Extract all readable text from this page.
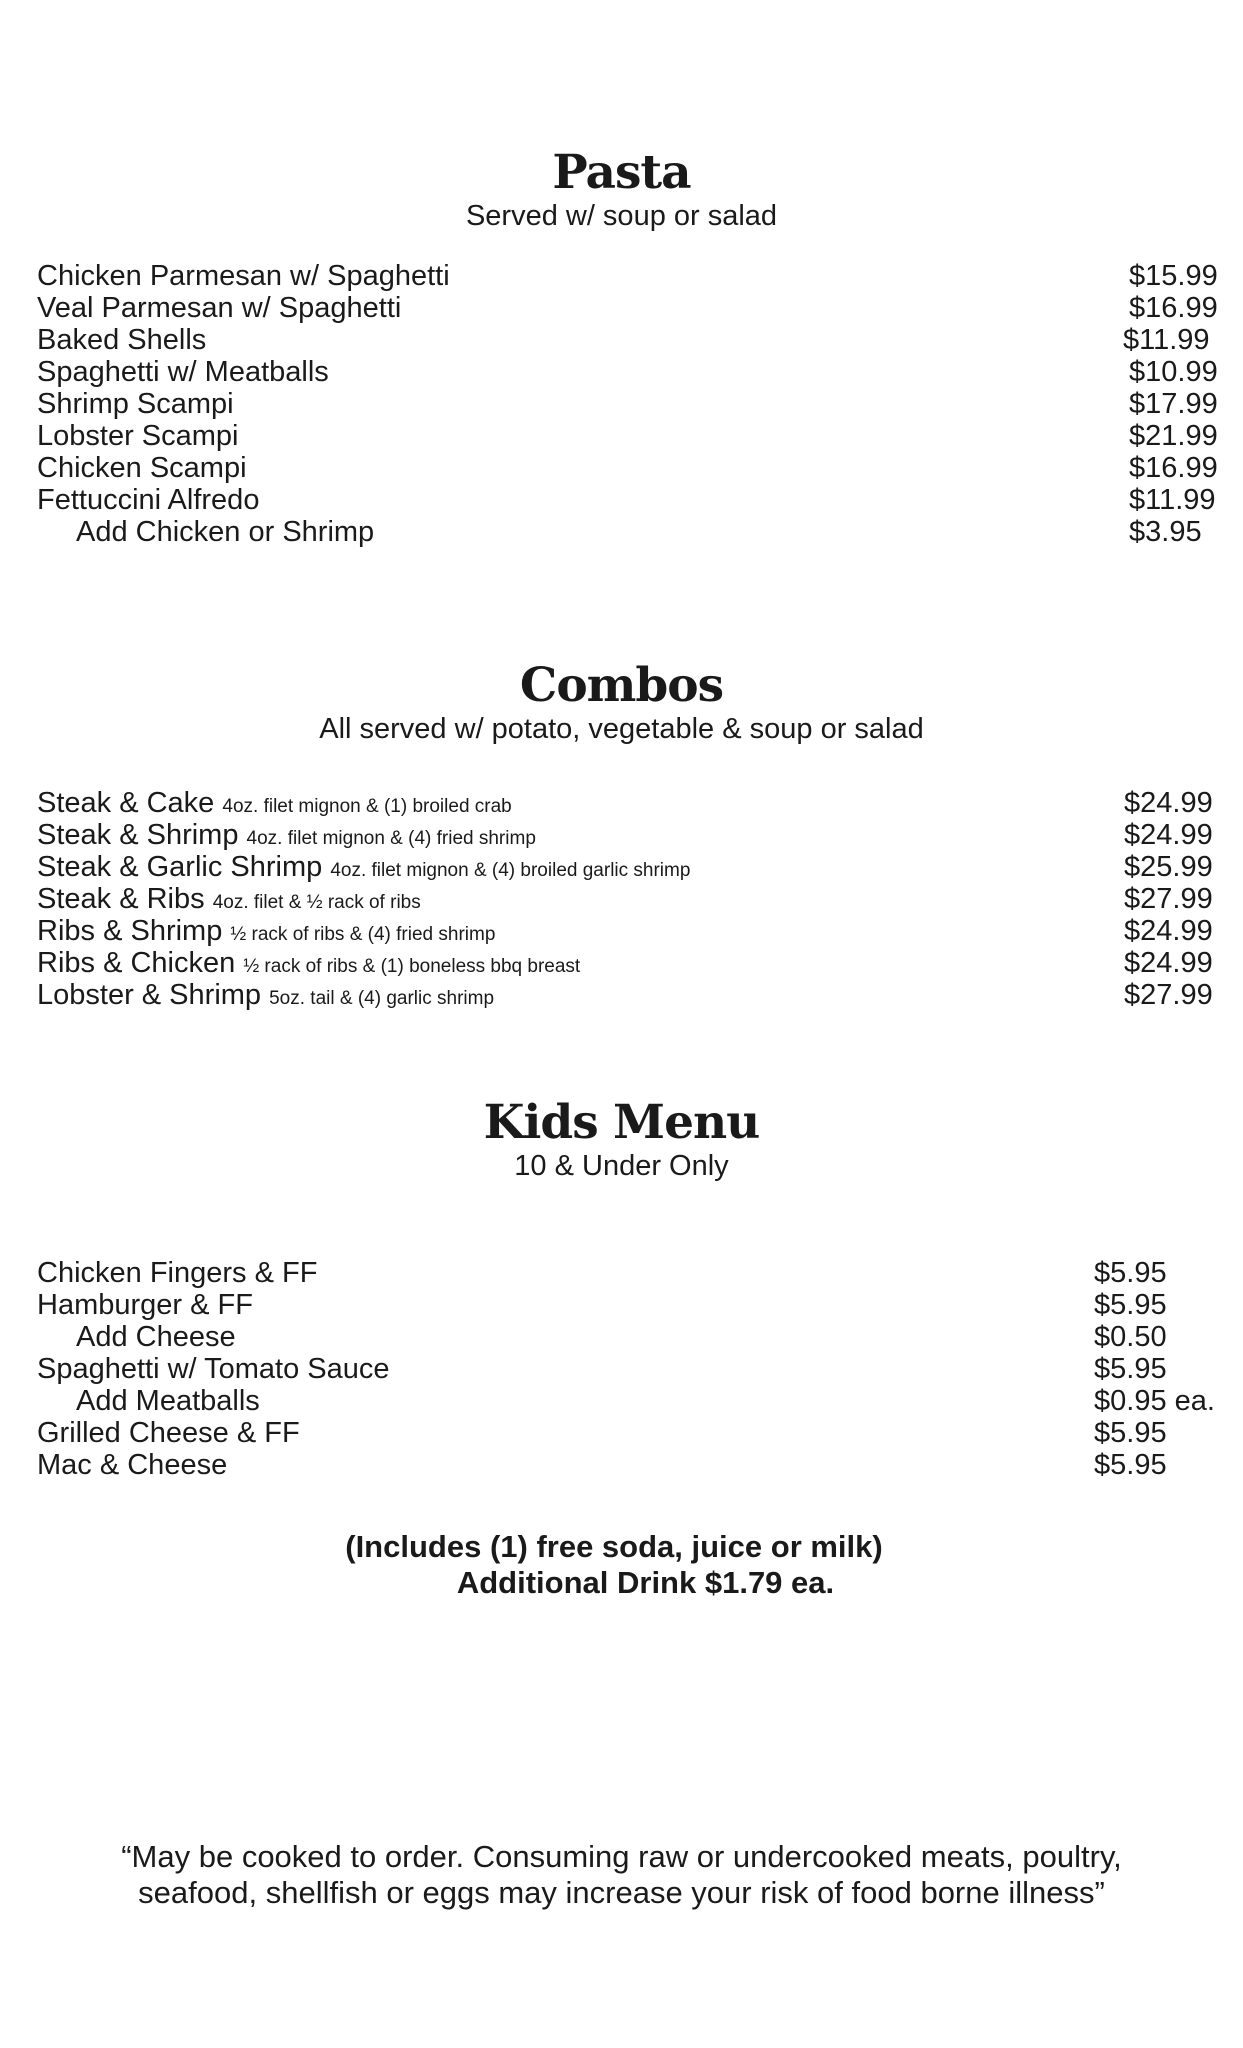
Pasta

Served w/ soup or salad

Chicken Parmesan w/ Spaghetti	$15.99
Veal Parmesan w/ Spaghetti	$16.99
Baked Shells	$11.99
Spaghetti w/ Meatballs	$10.99
Shrimp Scampi	$17.99
Lobster Scampi	$21.99
Chicken Scampi	$16.99
Fettuccini Alfredo	$11.99
Add Chicken or Shrimp	$3.95
Combos

All served w/ potato, vegetable & soup or salad

Steak & Cake 4oz. filet mignon & (1) broiled crab	$24.99
Steak & Shrimp 4oz. filet mignon & (4) fried shrimp	$24.99
Steak & Garlic Shrimp 4oz. filet mignon & (4) broiled garlic shrimp	$25.99
Steak & Ribs 4oz. filet & ½ rack of ribs	$27.99
Ribs & Shrimp ½ rack of ribs & (4) fried shrimp	$24.99
Ribs & Chicken ½ rack of ribs & (1) boneless bbq breast	$24.99
Lobster & Shrimp 5oz. tail & (4) garlic shrimp	$27.99
Kids Menu

10 & Under Only

Chicken Fingers & FF	$5.95
Hamburger & FF	$5.95
Add Cheese	$0.50
Spaghetti w/ Tomato Sauce	$5.95
Add Meatballs	$0.95 ea.
Grilled Cheese & FF	$5.95
Mac & Cheese	$5.95
(Includes (1) free soda, juice or milk)
Additional Drink $1.79 ea.
“May be cooked to order. Consuming raw or undercooked meats, poultry,
seafood, shellfish or eggs may increase your risk of food borne illness”
